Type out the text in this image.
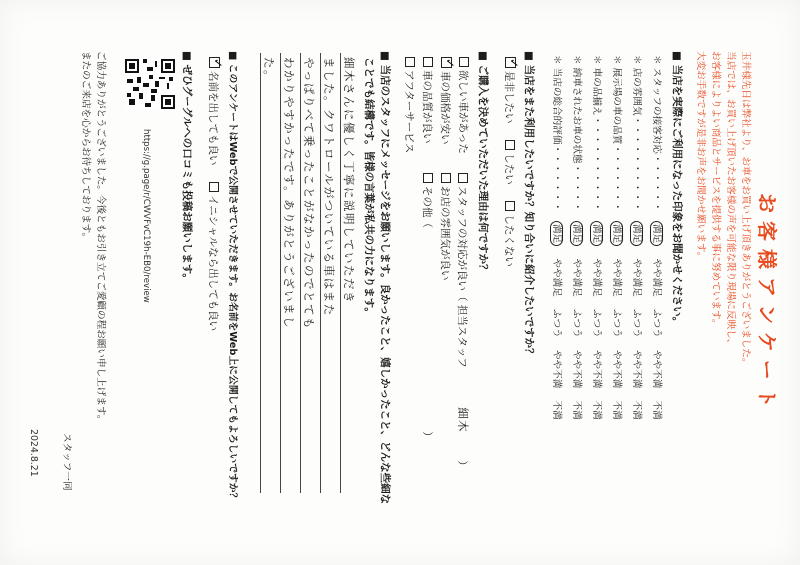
お客様アンケート
玉井様先日は弊社より、お車をお買い上げ頂きありがとうございました。
当店では、お買い上げ頂いたお客様の声を可能な限り現場に反映し、
お客様によりよい商品とサービスを提供する事に努めています。
大変お手数ですが是非お声をお聞かせ願います。
■ 当店を実際にご利用になった印象をお聞かせください。
＊ スタッフの接客対応・・・・・・
＊ 店の雰囲気・・・・・・・・・・
＊ 展示場の車の品質・・・・・・・
＊ 車の品揃え・・・・・・・・・・
＊ 納車されたお車の状態・・・・・
＊ 当店の総合的評価・・・・・・・
満足    やや満足    ふつう    やや不満    不満
満足    やや満足    ふつう    やや不満    不満
満足    やや満足    ふつう    やや不満    不満
満足    やや満足    ふつう    やや不満    不満
満足    やや満足    ふつう    やや不満    不満
満足    やや満足    ふつう    やや不満    不満
■ 当店をまた利用したいですか？知り合いに紹介したいですか？
✓是非したい     したい     したくない
■ ご購入を決めていただいた理由は何ですか？
欲しい車があった
スタッフの対応が良い（ 担当スタッフ 細木 ）
✓車の価格が安い
お店の雰囲気が良い
車の品質が良い
その他（ ）
アフターサービス
■ 当店のスタッフにメッセージをお願いします。良かったこと、嬉しかったこと、どんな些細な
ことでも結構です。皆様の言葉が私共の力になります。
細木さんに優しく丁寧に説明していただき
ました。クワトロールがついている車はまた
やっぱりべて乗ったことがなかったのでとても
わかりやすかったです。ありがとうございまし
た。
■ このアンケートはWebで公開させていただきます。お名前をWeb上に公開してもよろしいですか？
✓名前を出しても良い     イニシャルなら出しても良い
■ ぜひグーグルへの口コミも投稿お願いします。
https://g.page/r/CWVFvC19h-EB0/review
ご協力ありがとうございました。今後ともお引き立てご愛顧の程お願い申し上げます。
またのご来店を心からお待ちしております。
スタッフ一同
2024.8.21
